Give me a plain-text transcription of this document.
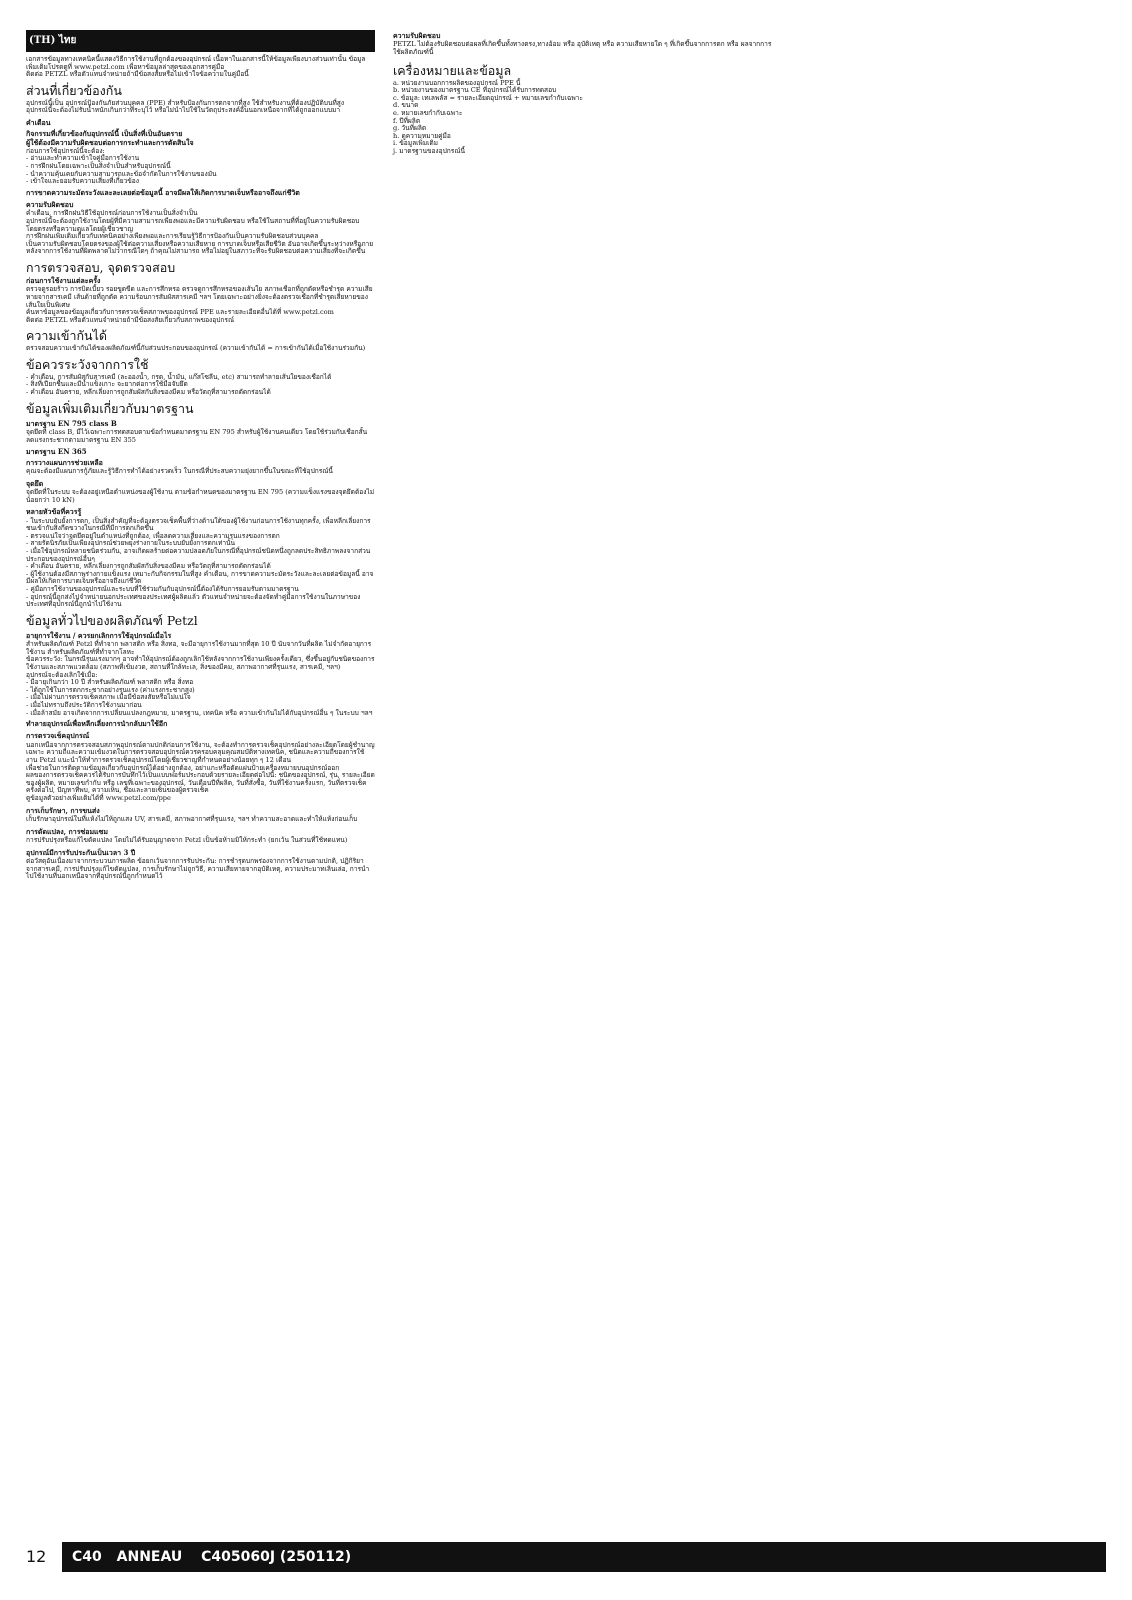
(TH) ไทย

เอกสารข้อมูลทางเทคนิคนี้แสดงวิธีการใช้งานที่ถูกต้องของอุปกรณ์ เนื้อหาในเอกสารนี้ให้ข้อมูลเพียงบางส่วนเท่านั้น ข้อมูลเพิ่มเติมโปรดดูที่ www.petzl.com เพื่อหาข้อมูลล่าสุดของเอกสารคู่มือ
ติดต่อ PETZL หรือตัวแทนจำหน่ายถ้ามีข้อสงสัยหรือไม่เข้าใจข้อความในคู่มือนี้

ส่วนที่เกี่ยวข้องกัน

อุปกรณ์นี้เป็น อุปกรณ์ป้องกันภัยส่วนบุคคล (PPE) สำหรับป้องกันการตกจากที่สูง ใช้สำหรับงานที่ต้องปฏิบัติบนที่สูง
อุปกรณ์นี้จะต้องไม่รับน้ำหนักเกินกว่าที่ระบุไว้ หรือไม่นำไปใช้ในวัตถุประสงค์อื่นนอกเหนือจากที่ได้ถูกออกแบบมา

คำเตือน

กิจกรรมที่เกี่ยวข้องกับอุปกรณ์นี้ เป็นสิ่งที่เป็นอันตราย
ผู้ใช้ต้องมีความรับผิดชอบต่อการกระทำและการตัดสินใจ

ก่อนการใช้อุปกรณ์นี้จะต้อง:
- อ่านและทำความเข้าใจคู่มือการใช้งาน
- การฝึกฝนโดยเฉพาะเป็นสิ่งจำเป็นสำหรับอุปกรณ์นี้
- นำความคุ้นเคยกับความสามารถและข้อจำกัดในการใช้งานของมัน
- เข้าใจและยอมรับความเสี่ยงที่เกี่ยวข้อง

การขาดความระมัดระวังและละเลยต่อข้อมูลนี้ อาจมีผลให้เกิดการบาดเจ็บหรืออาจถึงแก่ชีวิต

ความรับผิดชอบ

คำเตือน, การฝึกฝนวิธีใช้อุปกรณ์ก่อนการใช้งานเป็นสิ่งจำเป็น
อุปกรณ์นี้จะต้องถูกใช้งานโดยผู้ที่มีความสามารถเพียงพอและมีความรับผิดชอบ หรือใช้ในสถานที่ที่อยู่ในความรับผิดชอบโดยตรงหรือความดูแลโดยผู้เชี่ยวชาญ
การฝึกฝนเพิ่มเติมเกี่ยวกับเทคนิคอย่างเพียงพอและการเรียนรู้วิธีการป้องกันเป็นความรับผิดชอบส่วนบุคคล
เป็นความรับผิดชอบโดยตรงของผู้ใช้ต่อความเสี่ยงหรือความเสียหาย การบาดเจ็บหรือเสียชีวิต อันอาจเกิดขึ้นระหว่างหรือภายหลังจากการใช้งานที่ผิดพลาดไม่ว่ากรณีใดๆ ถ้าคุณไม่สามารถ หรือไม่อยู่ในสภาวะที่จะรับผิดชอบต่อความเสี่ยงที่จะเกิดขึ้น

การตรวจสอบ, จุดตรวจสอบ
ก่อนการใช้งานแต่ละครั้ง

ตรวจดูรอยร้าว การบิดเบี้ยว รอยขูดขีด และการสึกหรอ ตรวจดูการสึกหรอของเส้นใย สภาพเชือกที่ถูกตัดหรือชำรุด ความเสียหายจากสารเคมี เส้นด้ายที่ถูกตัด ความร้อนการสัมผัสสารเคมี ฯลฯ โดยเฉพาะอย่างยิ่งจะต้องตรวจเชือกที่ชำรุดเสียหายของเส้นใยเป็นพิเศษ
ค้นหาข้อมูลของข้อมูลเกี่ยวกับการตรวจเช็คสภาพของอุปกรณ์ PPE และรายละเอียดอื่นได้ที่ www.petzl.com
ติดต่อ PETZL หรือตัวแทนจำหน่ายถ้ามีข้อสงสัยเกี่ยวกับสภาพของอุปกรณ์

ความเข้ากันได้

ตรวจสอบความเข้ากันได้ของผลิตภัณฑ์นี้กับส่วนประกอบของอุปกรณ์ (ความเข้ากันได้ = การเข้ากันได้เมื่อใช้งานร่วมกัน)

ข้อควรระวังจากการใช้

- คำเตือน, การสัมผัสกับสารเคมี (ละอองน้ำ, กรด, น้ำมัน, แก๊สโซลีน, etc) สามารถทำลายเส้นใยของเชือกได้
- สิ่งที่เปียกชื้นและมีน้ำแข็งเกาะ จะยากต่อการใช้มือจับยึด
- คำเตือน อันตราย, หลีกเลี่ยงการถูกสัมผัสกับสิ่งของมีคม หรือวัตถุที่สามารถตัดกร่อนได้

ข้อมูลเพิ่มเติมเกี่ยวกับมาตรฐาน
มาตรฐาน EN 795 class B

จุดยึดที่ class B, มีไว้เฉพาะการทดสอบตามข้อกำหนดมาตรฐาน EN 795 สำหรับผู้ใช้งานคนเดียว โดยใช้ร่วมกับเชือกสั้นลดแรงกระชากตามมาตรฐาน EN 355

มาตรฐาน EN 365
การวางแผนการช่วยเหลือ

คุณจะต้องมีแผนการกู้ภัยและรู้วิธีการทำได้อย่างรวดเร็ว ในกรณีที่ประสบความยุ่งยากขึ้นในขณะที่ใช้อุปกรณ์นี้

จุดยึด

จุดยึดที่ในระบบ จะต้องอยู่เหนือตำแหน่งของผู้ใช้งาน ตามข้อกำหนดของมาตรฐาน EN 795 (ความแข็งแรงของจุดยึดต้องไม่น้อยกว่า 10 kN)

หลายหัวข้อที่ควรรู้

- ในระบบยับยั้งการตก, เป็นสิ่งสำคัญที่จะต้องตรวจเช็คพื้นที่ว่างด้านใต้ของผู้ใช้งานก่อนการใช้งานทุกครั้ง, เพื่อหลีกเลี่ยงการชนเข้ากับสิ่งกีดขวางในกรณีที่มีการตกเกิดขึ้น
- ตรวจแน่ใจว่าจุดยึดอยู่ในตำแหน่งที่ถูกต้อง, เพื่อลดความเสี่ยงและความรุนแรงของการตก
- สายรัดนิรภัยเป็นเพียงอุปกรณ์ช่วยพยุงร่างกายในระบบยับยั้งการตกเท่านั้น
- เมื่อใช้อุปกรณ์หลายชนิดร่วมกัน, อาจเกิดผลร้ายต่อความปลอดภัยในกรณีที่อุปกรณ์ชนิดหนึ่งถูกลดประสิทธิภาพลงจากส่วนประกอบของอุปกรณ์อื่นๆ
- คำเตือน อันตราย, หลีกเลี่ยงการถูกสัมผัสกับสิ่งของมีคม หรือวัตถุที่สามารถตัดกร่อนได้
- ผู้ใช้งานต้องมีสภาพร่างกายแข็งแรง เหมาะกับกิจกรรมในที่สูง คำเตือน, การขาดความระมัดระวังและละเลยต่อข้อมูลนี้ อาจมีผลให้เกิดการบาดเจ็บหรืออาจถึงแก่ชีวิต
- คู่มือการใช้งานของอุปกรณ์และระบบที่ใช้ร่วมกันกับอุปกรณ์นี้ต้องได้รับการยอมรับตามมาตรฐาน
- อุปกรณ์นี้ถูกส่งไปจำหน่ายนอกประเทศของประเทศผู้ผลิตแล้ว ตัวแทนจำหน่ายจะต้องจัดทำคู่มือการใช้งานในภาษาของประเทศที่อุปกรณ์นี้ถูกนำไปใช้งาน

ข้อมูลทั่วไปของผลิตภัณฑ์ Petzl
อายุการใช้งาน / ควรยกเลิกการใช้อุปกรณ์เมื่อไร

สำหรับผลิตภัณฑ์ Petzl ที่ทำจาก พลาสติก หรือ สิ่งทอ, จะมีอายุการใช้งานมากที่สุด 10 ปี นับจากวันที่ผลิต ไม่จำกัดอายุการใช้งาน สำหรับผลิตภัณฑ์ที่ทำจากโลหะ
ข้อควรระวัง: ในกรณีรุนแรงมากๆ อาจทำให้อุปกรณ์ต้องถูกเลิกใช้หลังจากการใช้งานเพียงครั้งเดียว, ซึ่งขึ้นอยู่กับชนิดของการใช้งานและสภาพแวดล้อม (สภาพที่เข้มงวด, สถานที่ใกล้ทะเล, สิ่งของมีคม, สภาพอากาศที่รุนแรง, สารเคมี, ฯลฯ)
อุปกรณ์จะต้องเลิกใช้เมื่อ:
- มีอายุเกินกว่า 10 ปี สำหรับผลิตภัณฑ์ พลาสติก หรือ สิ่งทอ
- ได้ถูกใช้ในการตกกระชากอย่างรุนแรง (ค่าแรงกระชากสูง)
- เมื่อไม่ผ่านการตรวจเช็คสภาพ เมื่อมีข้อสงสัยหรือไม่แน่ใจ
- เมื่อไม่ทราบถึงประวัติการใช้งานมาก่อน
- เมื่อล้าสมัย อาจเกิดจากการเปลี่ยนแปลงกฎหมาย, มาตรฐาน, เทคนิค หรือ ความเข้ากันไม่ได้กับอุปกรณ์อื่น ๆ ในระบบ ฯลฯ

ทำลายอุปกรณ์เพื่อหลีกเลี่ยงการนำกลับมาใช้อีก

การตรวจเช็คอุปกรณ์

นอกเหนือจากการตรวจสอบสภาพอุปกรณ์ตามปกติก่อนการใช้งาน, จะต้องทำการตรวจเช็คอุปกรณ์อย่างละเอียดโดยผู้ชำนาญเฉพาะ ความถี่และความเข้มงวดในการตรวจสอบอุปกรณ์ควรครอบคลุมคุณสมบัติทางเทคนิค, ชนิดและความถี่ของการใช้งาน Petzl แนะนำให้ทำการตรวจเช็คอุปกรณ์โดยผู้เชี่ยวชาญที่กำหนดอย่างน้อยทุก ๆ 12 เดือน
เพื่อช่วยในการติดตามข้อมูลเกี่ยวกับอุปกรณ์ได้อย่างถูกต้อง, อย่าแกะหรือตัดแผ่นป้ายเครื่องหมายบนอุปกรณ์ออก
ผลของการตรวจเช็คควรได้รับการบันทึกไว้เป็นแบบฟอร์มประกอบด้วยรายละเอียดต่อไปนี้: ชนิดของอุปกรณ์, รุ่น, รายละเอียดของผู้ผลิต, หมายเลขกำกับ หรือ เลขที่เฉพาะของอุปกรณ์, วันเดือนปีที่ผลิต, วันที่สั่งซื้อ, วันที่ใช้งานครั้งแรก, วันที่ตรวจเช็คครั้งต่อไป, ปัญหาที่พบ, ความเห็น, ชื่อและลายเซ็นของผู้ตรวจเช็ค
ดูข้อมูลตัวอย่างเพิ่มเติมได้ที่ www.petzl.com/ppe

การเก็บรักษา, การขนส่ง

เก็บรักษาอุปกรณ์ในที่แห้งไม่ให้ถูกแสง UV, สารเคมี, สภาพอากาศที่รุนแรง, ฯลฯ ทำความสะอาดและทำให้แห้งก่อนเก็บ

การดัดแปลง, การซ่อมแซม

การปรับปรุงหรือแก้ไขดัดแปลง โดยไม่ได้รับอนุญาตจาก Petzl เป็นข้อห้ามมิให้กระทำ (ยกเว้น ในส่วนที่ใช้ทดแทน)

อุปกรณ์มีการรับประกันเป็นเวลา 3 ปี

ต่อวัสดุอันเนื่องมาจากกระบวนการผลิต ข้อยกเว้นจากการรับประกัน: การชำรุดบกพร่องจากการใช้งานตามปกติ, ปฏิกิริยาจากสารเคมี, การปรับปรุงแก้ไขดัดแปลง, การเก็บรักษาไม่ถูกวิธี, ความเสียหายจากอุบัติเหตุ, ความประมาทเลินเล่อ, การนำไปใช้งานที่นอกเหนือจากที่อุปกรณ์นี้ถูกกำหนดไว้

ความรับผิดชอบ

PETZL ไม่ต้องรับผิดชอบต่อผลที่เกิดขึ้นทั้งทางตรง,ทางอ้อม หรือ อุบัติเหตุ หรือ ความเสียหายใด ๆ ที่เกิดขึ้นจากการตก หรือ ผลจากการใช้ผลิตภัณฑ์นี้

เครื่องหมายและข้อมูล

a. หน่วยงานบอกการผลิตของอุปกรณ์ PPE นี้
b. หน่วยงานของมาตรฐาน CE ที่อุปกรณ์ได้รับการทดสอบ
c. ข้อมูล: เทเลพลัส = รายละเอียดอุปกรณ์ + หมายเลขกำกับเฉพาะ
d. ขนาด
e. หมายเลขกำกับเฉพาะ
f. ปีที่ผลิต
g. วันที่ผลิต
h. ดูความหมายคู่มือ
i. ข้อมูลเพิ่มเติม
j. มาตรฐานของอุปกรณ์นี้

12	C40 ANNEAU C405060J (250112)
